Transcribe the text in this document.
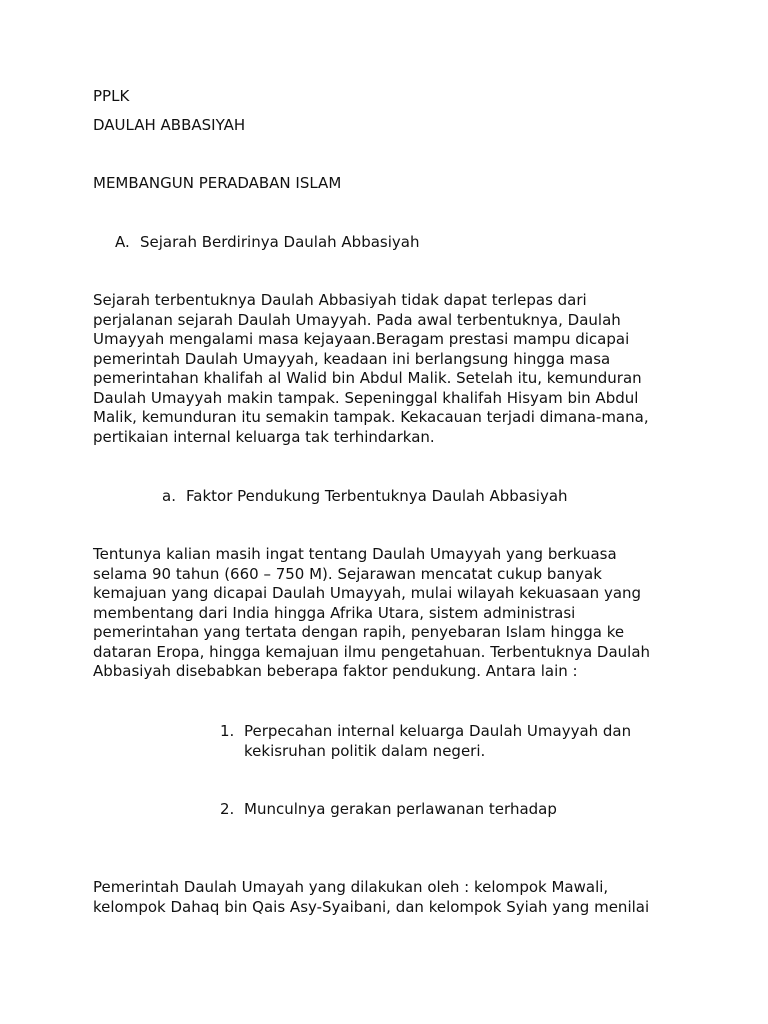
PPLK

DAULAH ABBASIYAH

MEMBANGUN PERADABAN ISLAM

A. Sejarah Berdirinya Daulah Abbasiyah
Sejarah terbentuknya Daulah Abbasiyah tidak dapat terlepas dari
perjalanan sejarah Daulah Umayyah. Pada awal terbentuknya, Daulah
Umayyah mengalami masa kejayaan.Beragam prestasi mampu dicapai
pemerintah Daulah Umayyah, keadaan ini berlangsung hingga masa
pemerintahan khalifah al Walid bin Abdul Malik. Setelah itu, kemunduran
Daulah Umayyah makin tampak. Sepeninggal khalifah Hisyam bin Abdul
Malik, kemunduran itu semakin tampak. Kekacauan terjadi dimana-mana,
pertikaian internal keluarga tak terhindarkan.
a. Faktor Pendukung Terbentuknya Daulah Abbasiyah
Tentunya kalian masih ingat tentang Daulah Umayyah yang berkuasa
selama 90 tahun (660 – 750 M). Sejarawan mencatat cukup banyak
kemajuan yang dicapai Daulah Umayyah, mulai wilayah kekuasaan yang
membentang dari India hingga Afrika Utara, sistem administrasi
pemerintahan yang tertata dengan rapih, penyebaran Islam hingga ke
dataran Eropa, hingga kemajuan ilmu pengetahuan. Terbentuknya Daulah
Abbasiyah disebabkan beberapa faktor pendukung. Antara lain :
1. Perpecahan internal keluarga Daulah Umayyah dan
kekisruhan politik dalam negeri.
2. Munculnya gerakan perlawanan terhadap
Pemerintah Daulah Umayah yang dilakukan oleh : kelompok Mawali,
kelompok Dahaq bin Qais Asy-Syaibani, dan kelompok Syiah yang menilai
